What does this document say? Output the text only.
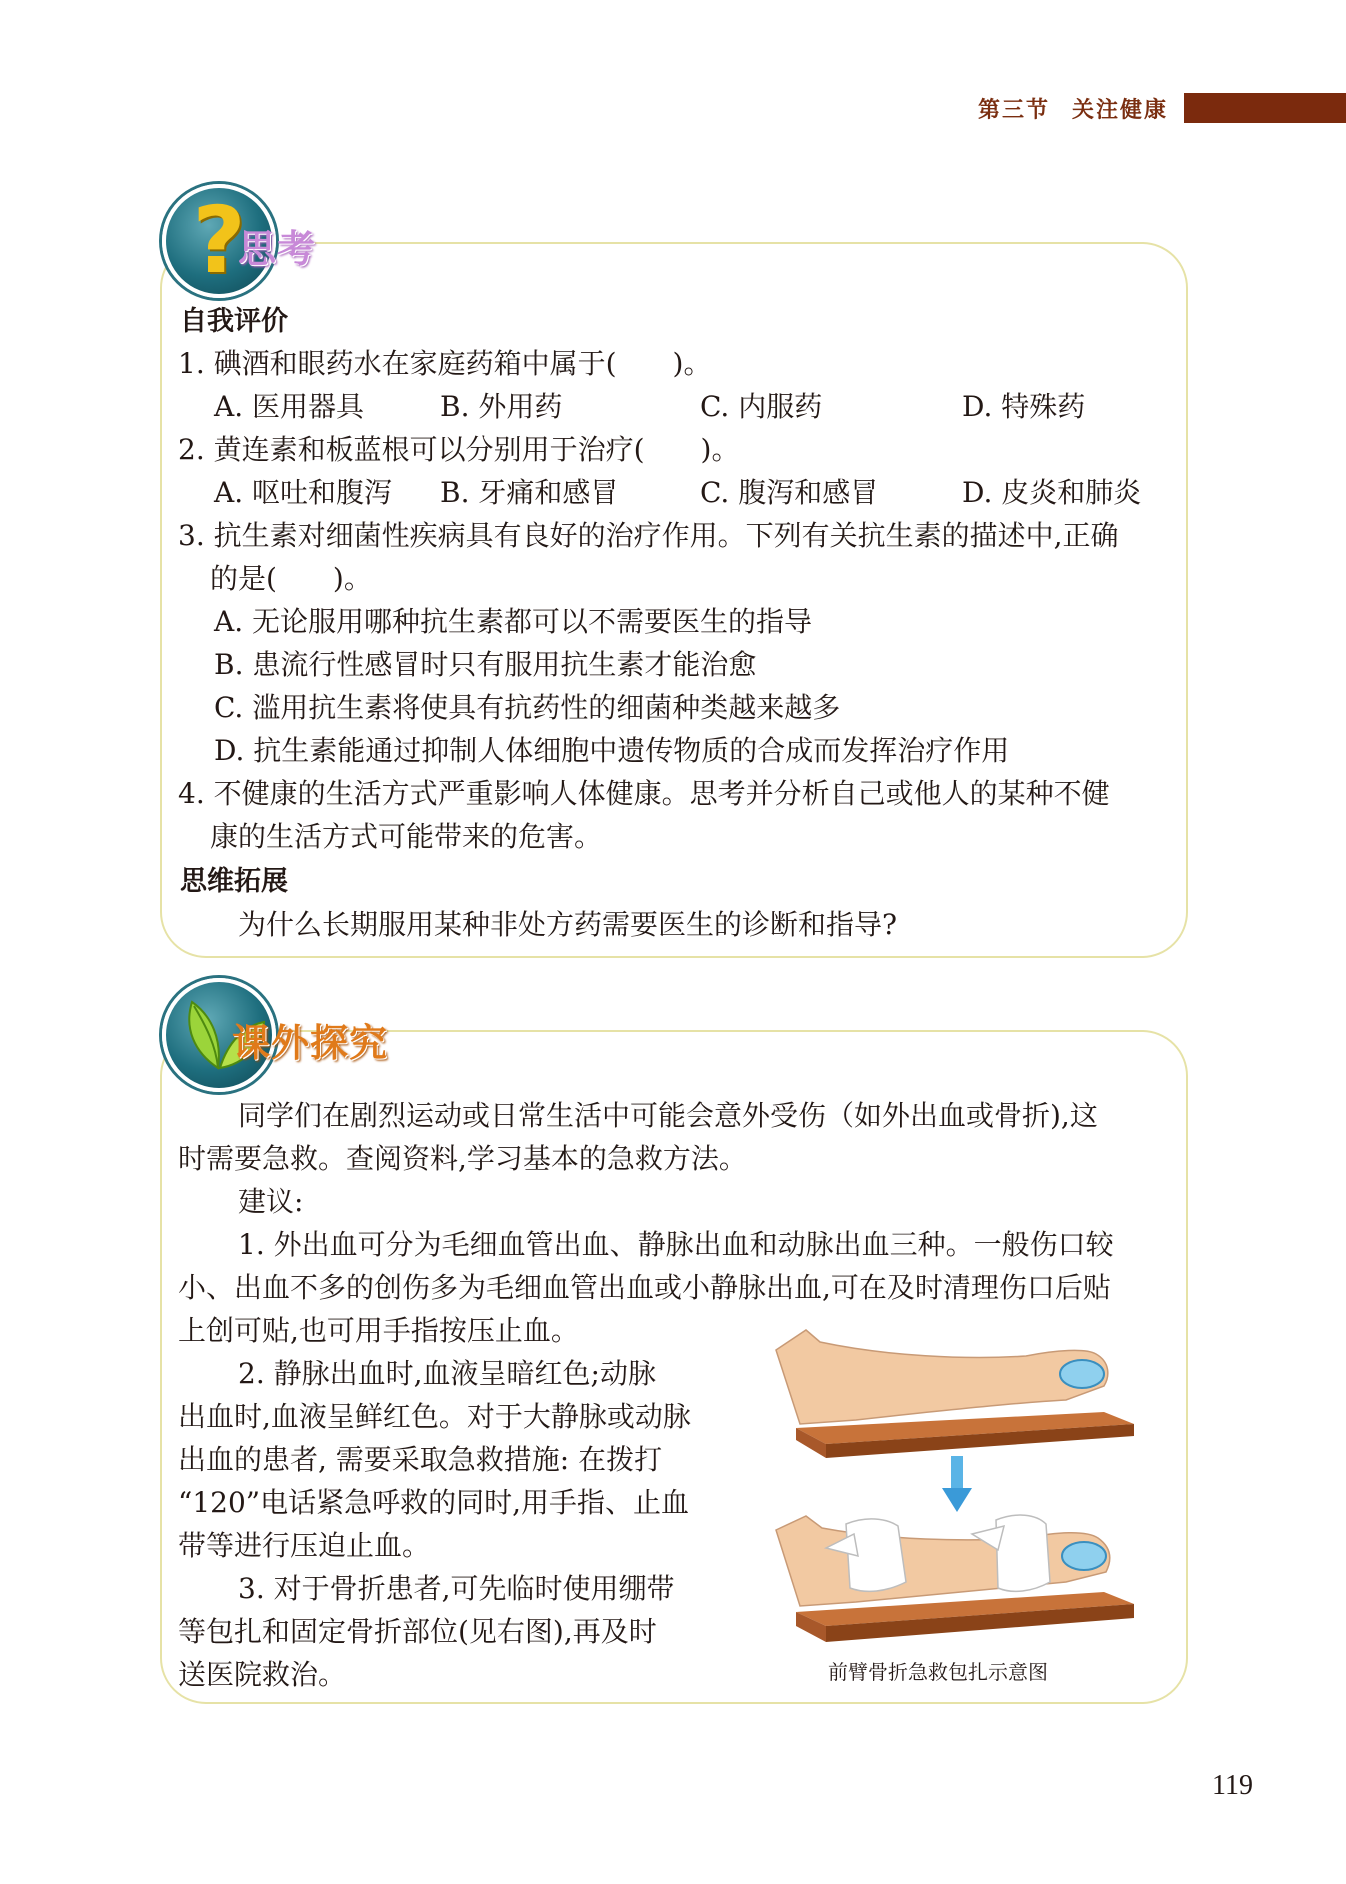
第三节 关注健康
?
思考
自我评价
1. 碘酒和眼药水在家庭药箱中属于(　　)。
A. 医用器具	B. 外用药	C. 内服药	D. 特殊药
2. 黄连素和板蓝根可以分别用于治疗(　　)。
A. 呕吐和腹泻 B. 牙痛和感冒	C. 腹泻和感冒	D. 皮炎和肺炎
3. 抗生素对细菌性疾病具有良好的治疗作用。下列有关抗生素的描述中,正确
的是(　　)。
A. 无论服用哪种抗生素都可以不需要医生的指导
B. 患流行性感冒时只有服用抗生素才能治愈
C. 滥用抗生素将使具有抗药性的细菌种类越来越多
D. 抗生素能通过抑制人体细胞中遗传物质的合成而发挥治疗作用
4. 不健康的生活方式严重影响人体健康。思考并分析自己或他人的某种不健
康的生活方式可能带来的危害。
思维拓展
为什么长期服用某种非处方药需要医生的诊断和指导?
课外探究
同学们在剧烈运动或日常生活中可能会意外受伤（如外出血或骨折),这
时需要急救。查阅资料,学习基本的急救方法。
建议:
1. 外出血可分为毛细血管出血、静脉出血和动脉出血三种。一般伤口较
小、出血不多的创伤多为毛细血管出血或小静脉出血,可在及时清理伤口后贴
上创可贴,也可用手指按压止血。
2. 静脉出血时,血液呈暗红色;动脉
出血时,血液呈鲜红色。对于大静脉或动脉
出血的患者, 需要采取急救措施: 在拨打
“120”电话紧急呼救的同时,用手指、止血
带等进行压迫止血。
3. 对于骨折患者,可先临时使用绷带
等包扎和固定骨折部位(见右图),再及时
送医院救治。	前臂骨折急救包扎示意图
119
